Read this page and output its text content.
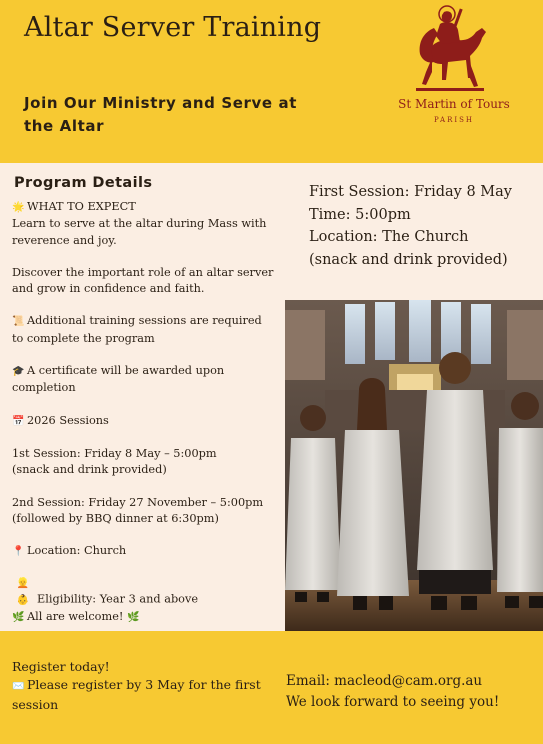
Altar Server Training
Join Our Ministry and Serve at the Altar
St Martin of Tours
PARISH
Program Details
🌟 WHAT TO EXPECT
Learn to serve at the altar during Mass with reverence and joy.
Discover the important role of an altar server and grow in confidence and faith.
📜 Additional training sessions are required to complete the program
🎓 A certificate will be awarded upon completion
📅 2026 Sessions
1st Session: Friday 8 May – 5:00pm
(snack and drink provided)
2nd Session: Friday 27 November – 5:00pm
(followed by BBQ dinner at 6:30pm)
📍 Location: Church
👱👶 Eligibility: Year 3 and above
🌿 All are welcome! 🌿
First Session: Friday 8 May
Time: 5:00pm
Location: The Church
(snack and drink provided)
Register today!
✉️ Please register by 3 May for the first session
Email: macleod@cam.org.au
We look forward to seeing you!
